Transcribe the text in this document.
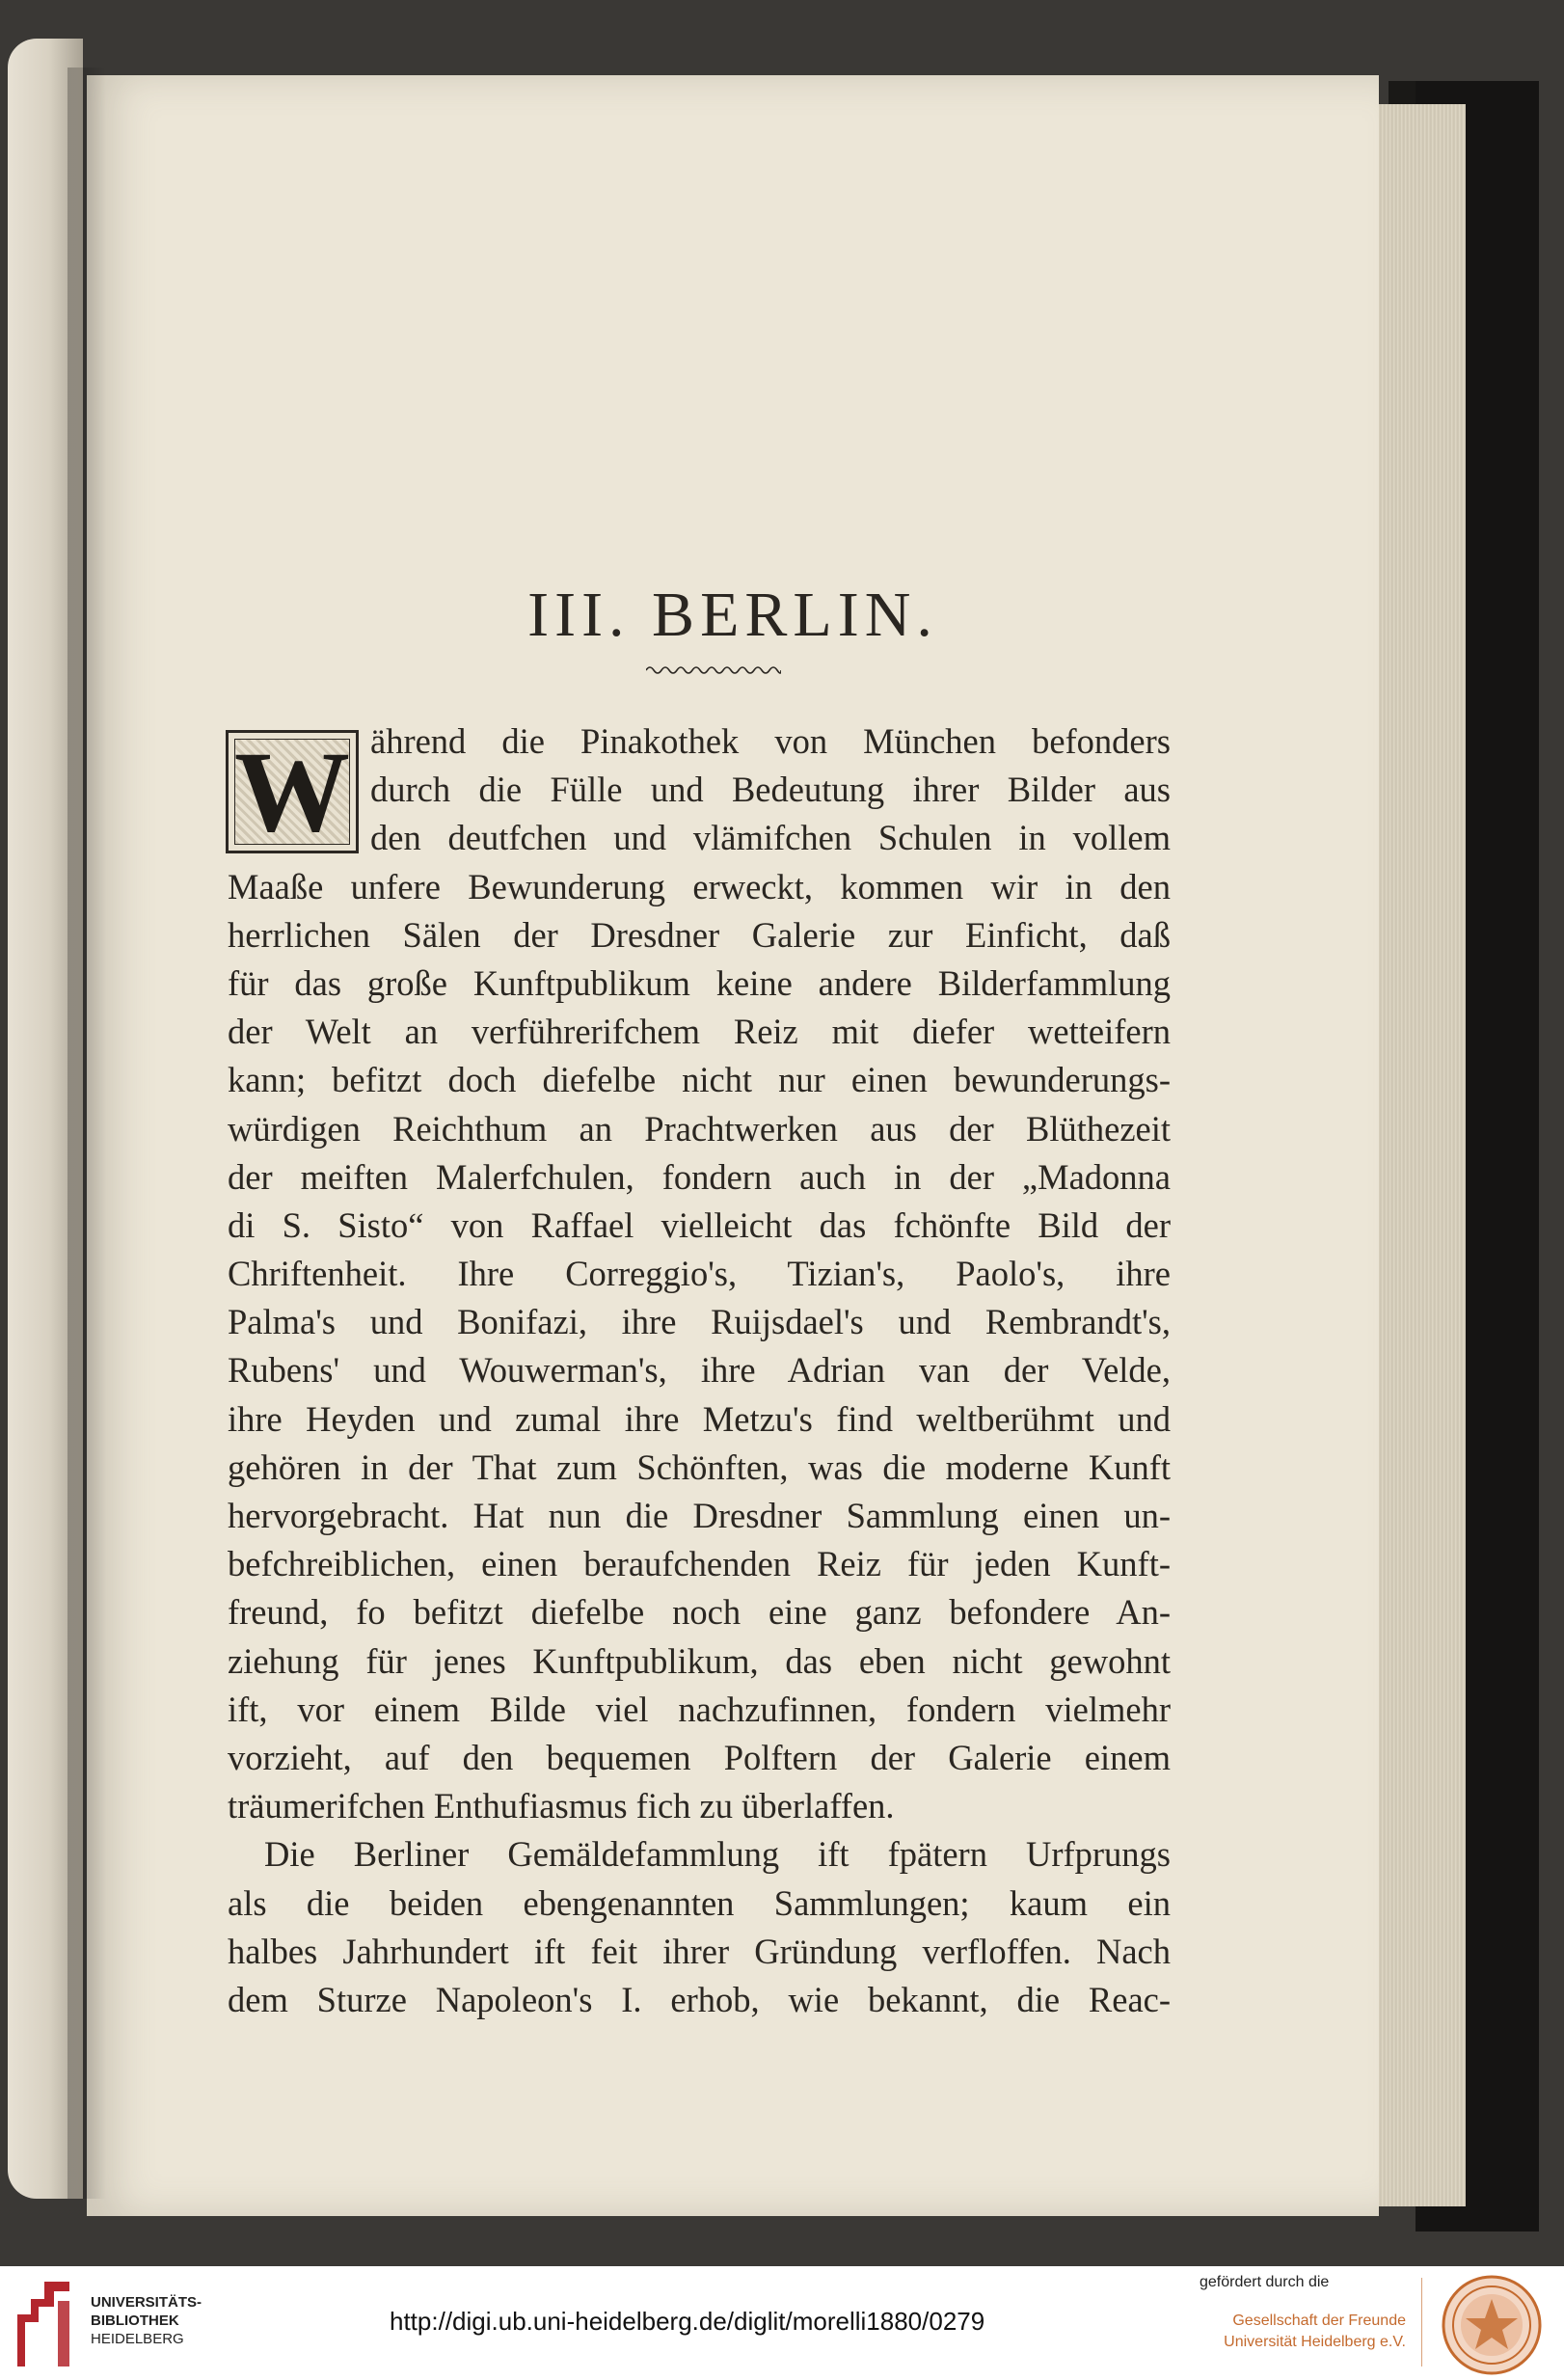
III. BERLIN.
W ährend die Pinakothek von München befonders
durch die Fülle und Bedeutung ihrer Bilder aus
den deutfchen und vlämifchen Schulen in vollem
Maaße unfere Bewunderung erweckt, kommen wir in den
herrlichen Sälen der Dresdner Galerie zur Einficht, daß
für das große Kunftpublikum keine andere Bilderfammlung
der Welt an verführerifchem Reiz mit diefer wetteifern
kann; befitzt doch diefelbe nicht nur einen bewunderungs-
würdigen Reichthum an Prachtwerken aus der Blüthezeit
der meiften Malerfchulen, fondern auch in der „Madonna
di S. Sisto“ von Raffael vielleicht das fchönfte Bild der
Chriftenheit. Ihre Correggio's, Tizian's, Paolo's, ihre
Palma's und Bonifazi, ihre Ruijsdael's und Rembrandt's,
Rubens' und Wouwerman's, ihre Adrian van der Velde,
ihre Heyden und zumal ihre Metzu's find weltberühmt und
gehören in der That zum Schönften, was die moderne Kunft
hervorgebracht. Hat nun die Dresdner Sammlung einen un-
befchreiblichen, einen beraufchenden Reiz für jeden Kunft-
freund, fo befitzt diefelbe noch eine ganz befondere An-
ziehung für jenes Kunftpublikum, das eben nicht gewohnt
ift, vor einem Bilde viel nachzufinnen, fondern vielmehr
vorzieht, auf den bequemen Polftern der Galerie einem
träumerifchen Enthufiasmus fich zu überlaffen.
Die Berliner Gemäldefammlung ift fpätern Urfprungs
als die beiden ebengenannten Sammlungen; kaum ein
halbes Jahrhundert ift feit ihrer Gründung verfloffen. Nach
dem Sturze Napoleon's I. erhob, wie bekannt, die Reac-
UNIVERSITÄTS-
BIBLIOTHEK
HEIDELBERG
http://digi.ub.uni-heidelberg.de/diglit/morelli1880/0279
gefördert durch die
Gesellschaft der Freunde
Universität Heidelberg e.V.
